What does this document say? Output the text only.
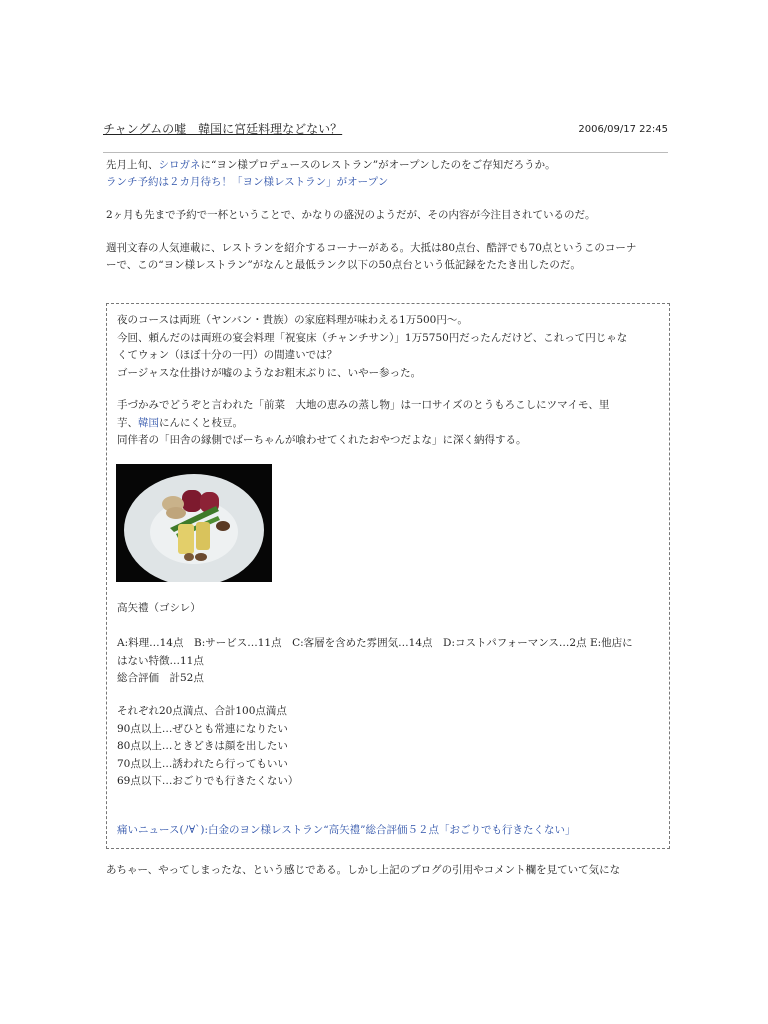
チャングムの嘘　韓国に宮廷料理などない？	2006/09/17 22:45
先月上旬、シロガネに“ヨン様プロデュースのレストラン”がオープンしたのをご存知だろうか。
ランチ予約は２カ月待ち！「ヨン様レストラン」がオープン
2ヶ月も先まで予約で一杯ということで、かなりの盛況のようだが、その内容が今注目されているのだ。
週刊文春の人気連載に、レストランを紹介するコーナーがある。大抵は80点台、酷評でも70点というこのコーナ
ーで、この“ヨン様レストラン”がなんと最低ランク以下の50点台という低記録をたたき出したのだ。
夜のコースは両班（ヤンバン・貴族）の家庭料理が味わえる1万500円〜。
今回、頼んだのは両班の宴会料理「祝宴床（チャンチサン）」1万5750円だったんだけど、これって円じゃな
くてウォン（ほぼ十分の一円）の間違いでは？
ゴージャスな仕掛けが嘘のようなお粗末ぶりに、いやー参った。
手づかみでどうぞと言われた「前菜　大地の恵みの蒸し物」は一口サイズのとうもろこしにツマイモ、里
芋、韓国にんにくと枝豆。
同伴者の「田舎の縁側でばーちゃんが喰わせてくれたおやつだよな」に深く納得する。
高矢禮（ゴシレ）
A:料理…14点　B:サービス…11点　C:客層を含めた雰囲気…14点　D:コストパフォーマンス…2点 E:他店に
はない特徴…11点
総合評価　計52点
それぞれ20点満点、合計100点満点
90点以上…ぜひとも常連になりたい
80点以上…ときどきは顔を出したい
70点以上…誘われたら行ってもいい
69点以下…おごりでも行きたくない）
痛いニュース(ﾉ∀`):白金のヨン様レストラン“高矢禮”総合評価５２点「おごりでも行きたくない」
あちゃー、やってしまったな、という感じである。しかし上記のブログの引用やコメント欄を見ていて気にな
